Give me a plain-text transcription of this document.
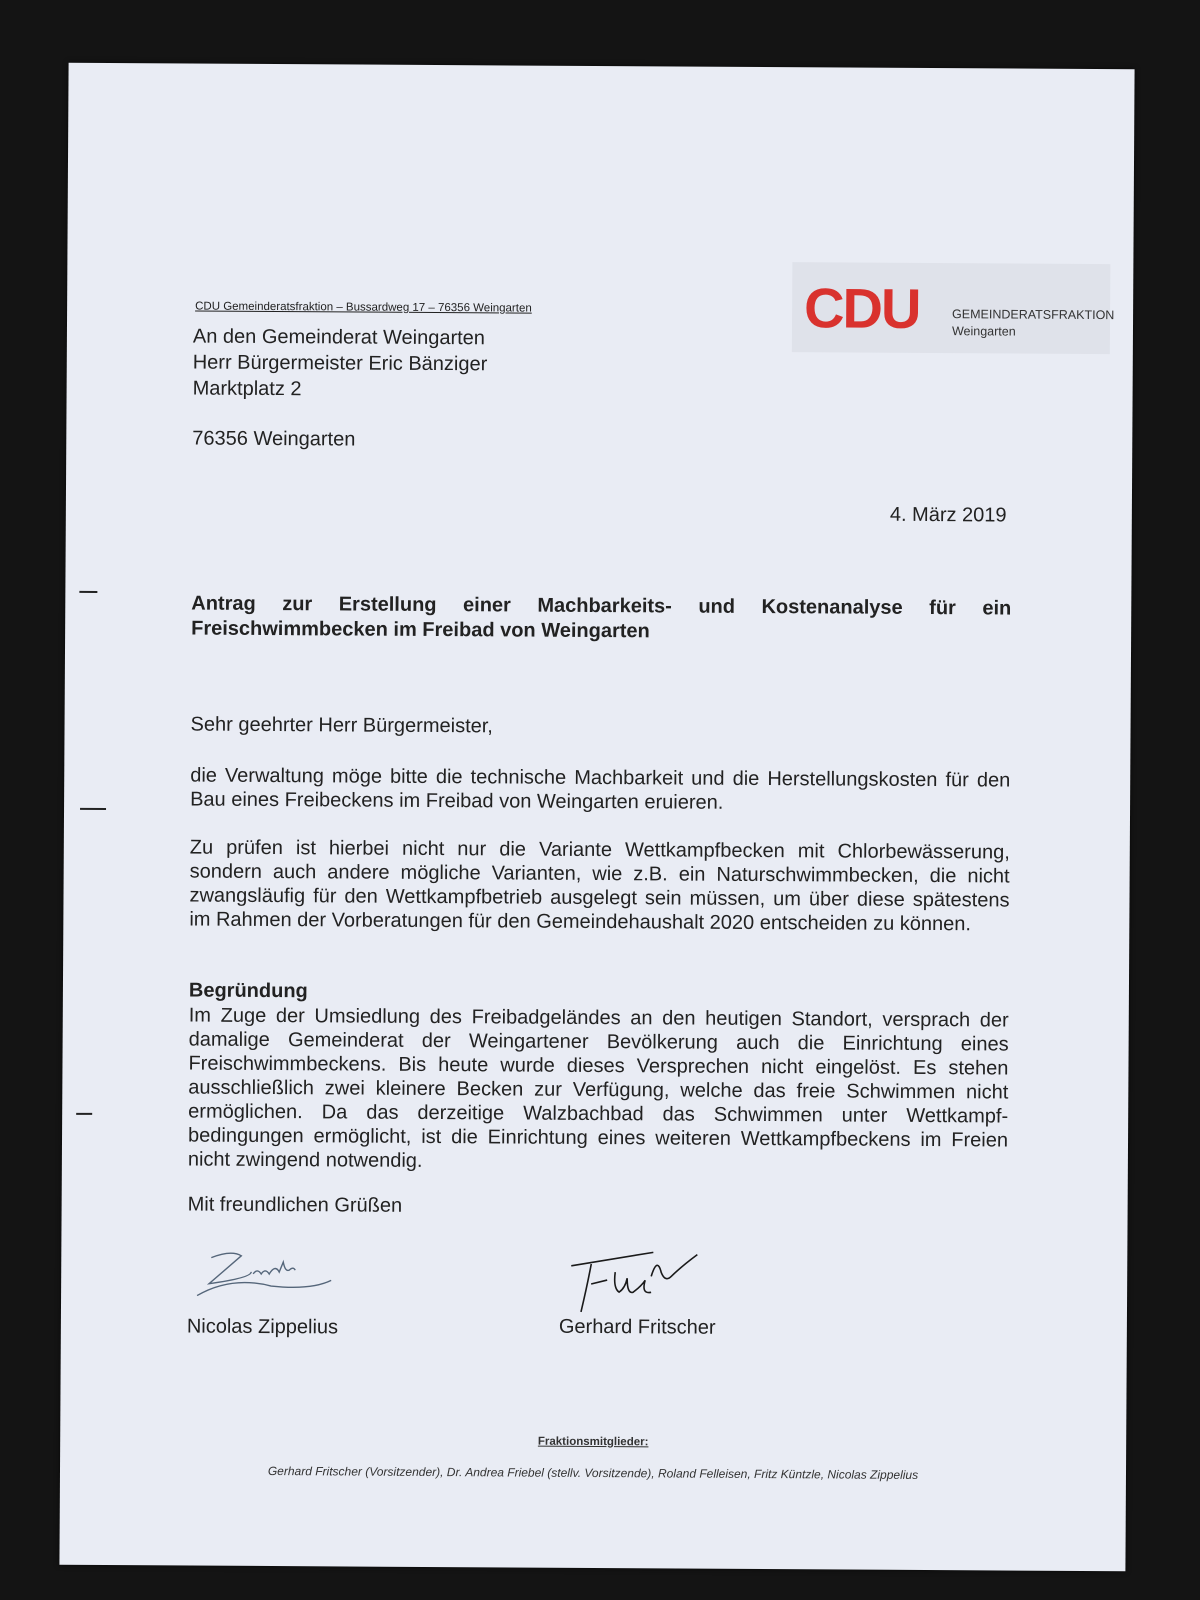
CDU Gemeinderatsfraktion – Bussardweg 17 – 76356 Weingarten	CDU	GEMEINDERATSFRAKTION
Weingarten
An den Gemeinderat Weingarten
Herr Bürgermeister Eric Bänziger
Marktplatz 2
76356 Weingarten
4. März 2019
Antrag zur Erstellung einer Machbarkeits- und Kostenanalyse für ein
Freischwimmbecken im Freibad von Weingarten
Sehr geehrter Herr Bürgermeister,
die Verwaltung möge bitte die technische Machbarkeit und die Herstellungskosten für den Bau eines Freibeckens im Freibad von Weingarten eruieren.
Zu prüfen ist hierbei nicht nur die Variante Wettkampfbecken mit Chlorbewässerung, sondern auch andere mögliche Varianten, wie z.B. ein Naturschwimmbecken, die nicht zwangsläufig für den Wettkampfbetrieb ausgelegt sein müssen, um über diese spätestens im Rahmen der Vorberatungen für den Gemeindehaushalt 2020 entscheiden zu können.
Begründung
Im Zuge der Umsiedlung des Freibadgeländes an den heutigen Standort, versprach der damalige Gemeinderat der Weingartener Bevölkerung auch die Einrichtung eines Freischwimmbeckens. Bis heute wurde dieses Versprechen nicht eingelöst. Es stehen ausschließlich zwei kleinere Becken zur Verfügung, welche das freie Schwimmen nicht ermöglichen. Da das derzeitige Walzbachbad das Schwimmen unter Wettkampfbedingungen ermöglicht, ist die Einrichtung eines weiteren Wettkampfbeckens im Freien nicht zwingend notwendig.
Mit freundlichen Grüßen
Nicolas Zippelius	Gerhard Fritscher
Fraktionsmitglieder:
Gerhard Fritscher (Vorsitzender), Dr. Andrea Friebel (stellv. Vorsitzende), Roland Felleisen, Fritz Küntzle, Nicolas Zippelius
